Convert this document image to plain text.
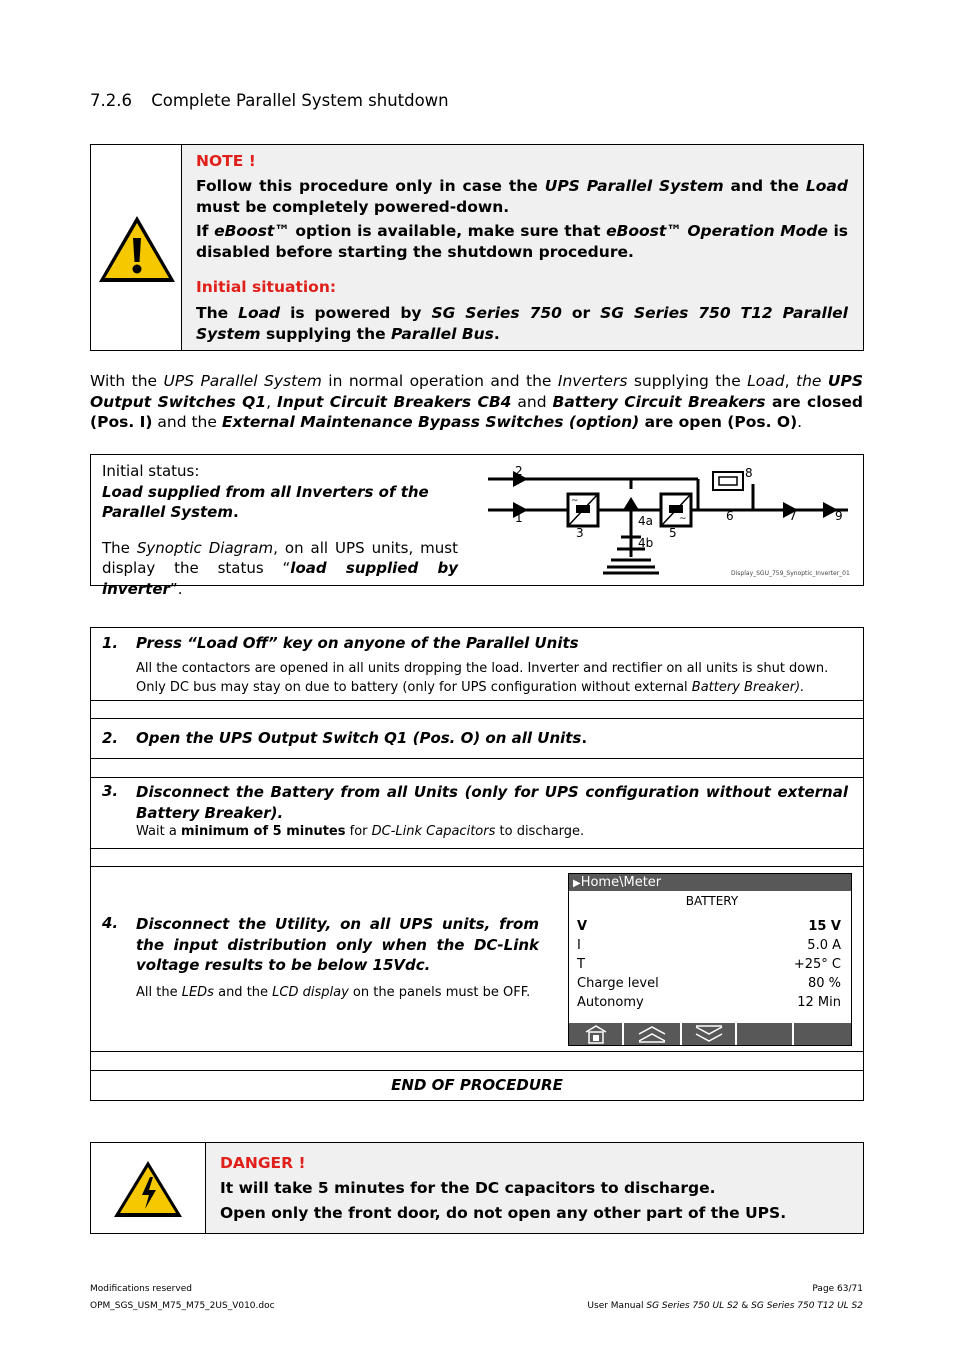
7.2.6 Complete Parallel System shutdown

NOTE !

Follow this procedure only in case the UPS Parallel System and the Load must be completely powered-down.

If eBoost™ option is available, make sure that eBoost™ Operation Mode is disabled before starting the shutdown procedure.

Initial situation:

The Load is powered by SG Series 750 or SG Series 750 T12 Parallel System supplying the Parallel Bus.

With the UPS Parallel System in normal operation and the Inverters supplying the Load, the UPS Output Switches Q1, Input Circuit Breakers CB4 and Battery Circuit Breakers are closed (Pos. I) and the External Maintenance Bypass Switches (option) are open (Pos. O).

Initial status:

Load supplied from all Inverters of the Parallel System.

The Synoptic Diagram, on all UPS units, must display the status “load supplied by inverter”.

~
~
2	8
1
3
4a
4b
5
6	7	9
Display_SGU_759_Synoptic_Inverter_01
1. Press “Load Off” key on anyone of the Parallel Units

All the contactors are opened in all units dropping the load. Inverter and rectifier on all units is shut down. Only DC bus may stay on due to battery (only for UPS configuration without external Battery Breaker).

2. Open the UPS Output Switch Q1 (Pos. O) on all Units.
3. Disconnect the Battery from all Units (only for UPS configuration without external Battery Breaker).

Wait a minimum of 5 minutes for DC-Link Capacitors to discharge.

4. Disconnect the Utility, on all UPS units, from the input distribution only when the DC-Link voltage results to be below 15Vdc.

All the LEDs and the LCD display on the panels must be OFF.

▶Home\Meter
BATTERY
V	15 V
I	5.0 A
T	+25° C
Charge level	80 %
Autonomy	12 Min
END OF PROCEDURE

DANGER !

It will take 5 minutes for the DC capacitors to discharge.

Open only the front door, do not open any other part of the UPS.

Modifications reserved
OPM_SGS_USM_M75_M75_2US_V010.doc
Page 63/71
User Manual SG Series 750 UL S2 & SG Series 750 T12 UL S2
